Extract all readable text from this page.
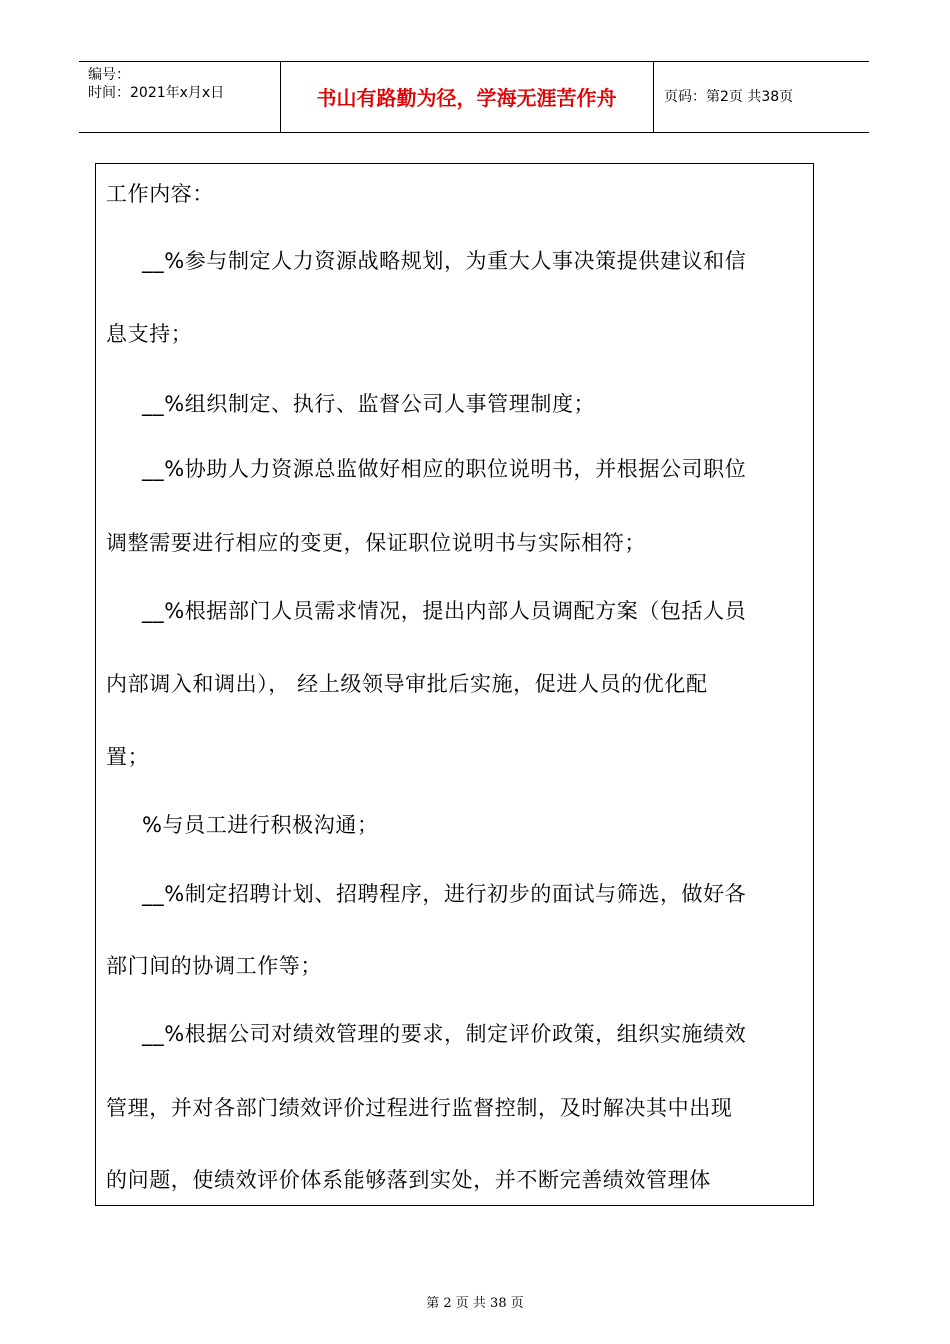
编号：
时间：2021年x月x日	书山有路勤为径，学海无涯苦作舟	页码：第2页 共38页
工作内容：
__%参与制定人力资源战略规划，为重大人事决策提供建议和信
息支持；
__%组织制定、执行、监督公司人事管理制度；
__%协助人力资源总监做好相应的职位说明书，并根据公司职位
调整需要进行相应的变更，保证职位说明书与实际相符；
__%根据部门人员需求情况，提出内部人员调配方案（包括人员
内部调入和调出）， 经上级领导审批后实施，促进人员的优化配
置；
%与员工进行积极沟通；
__%制定招聘计划、招聘程序，进行初步的面试与筛选，做好各
部门间的协调工作等；
__%根据公司对绩效管理的要求，制定评价政策，组织实施绩效
管理，并对各部门绩效评价过程进行监督控制，及时解决其中出现
的问题，使绩效评价体系能够落到实处，并不断完善绩效管理体
第 2 页 共 38 页
